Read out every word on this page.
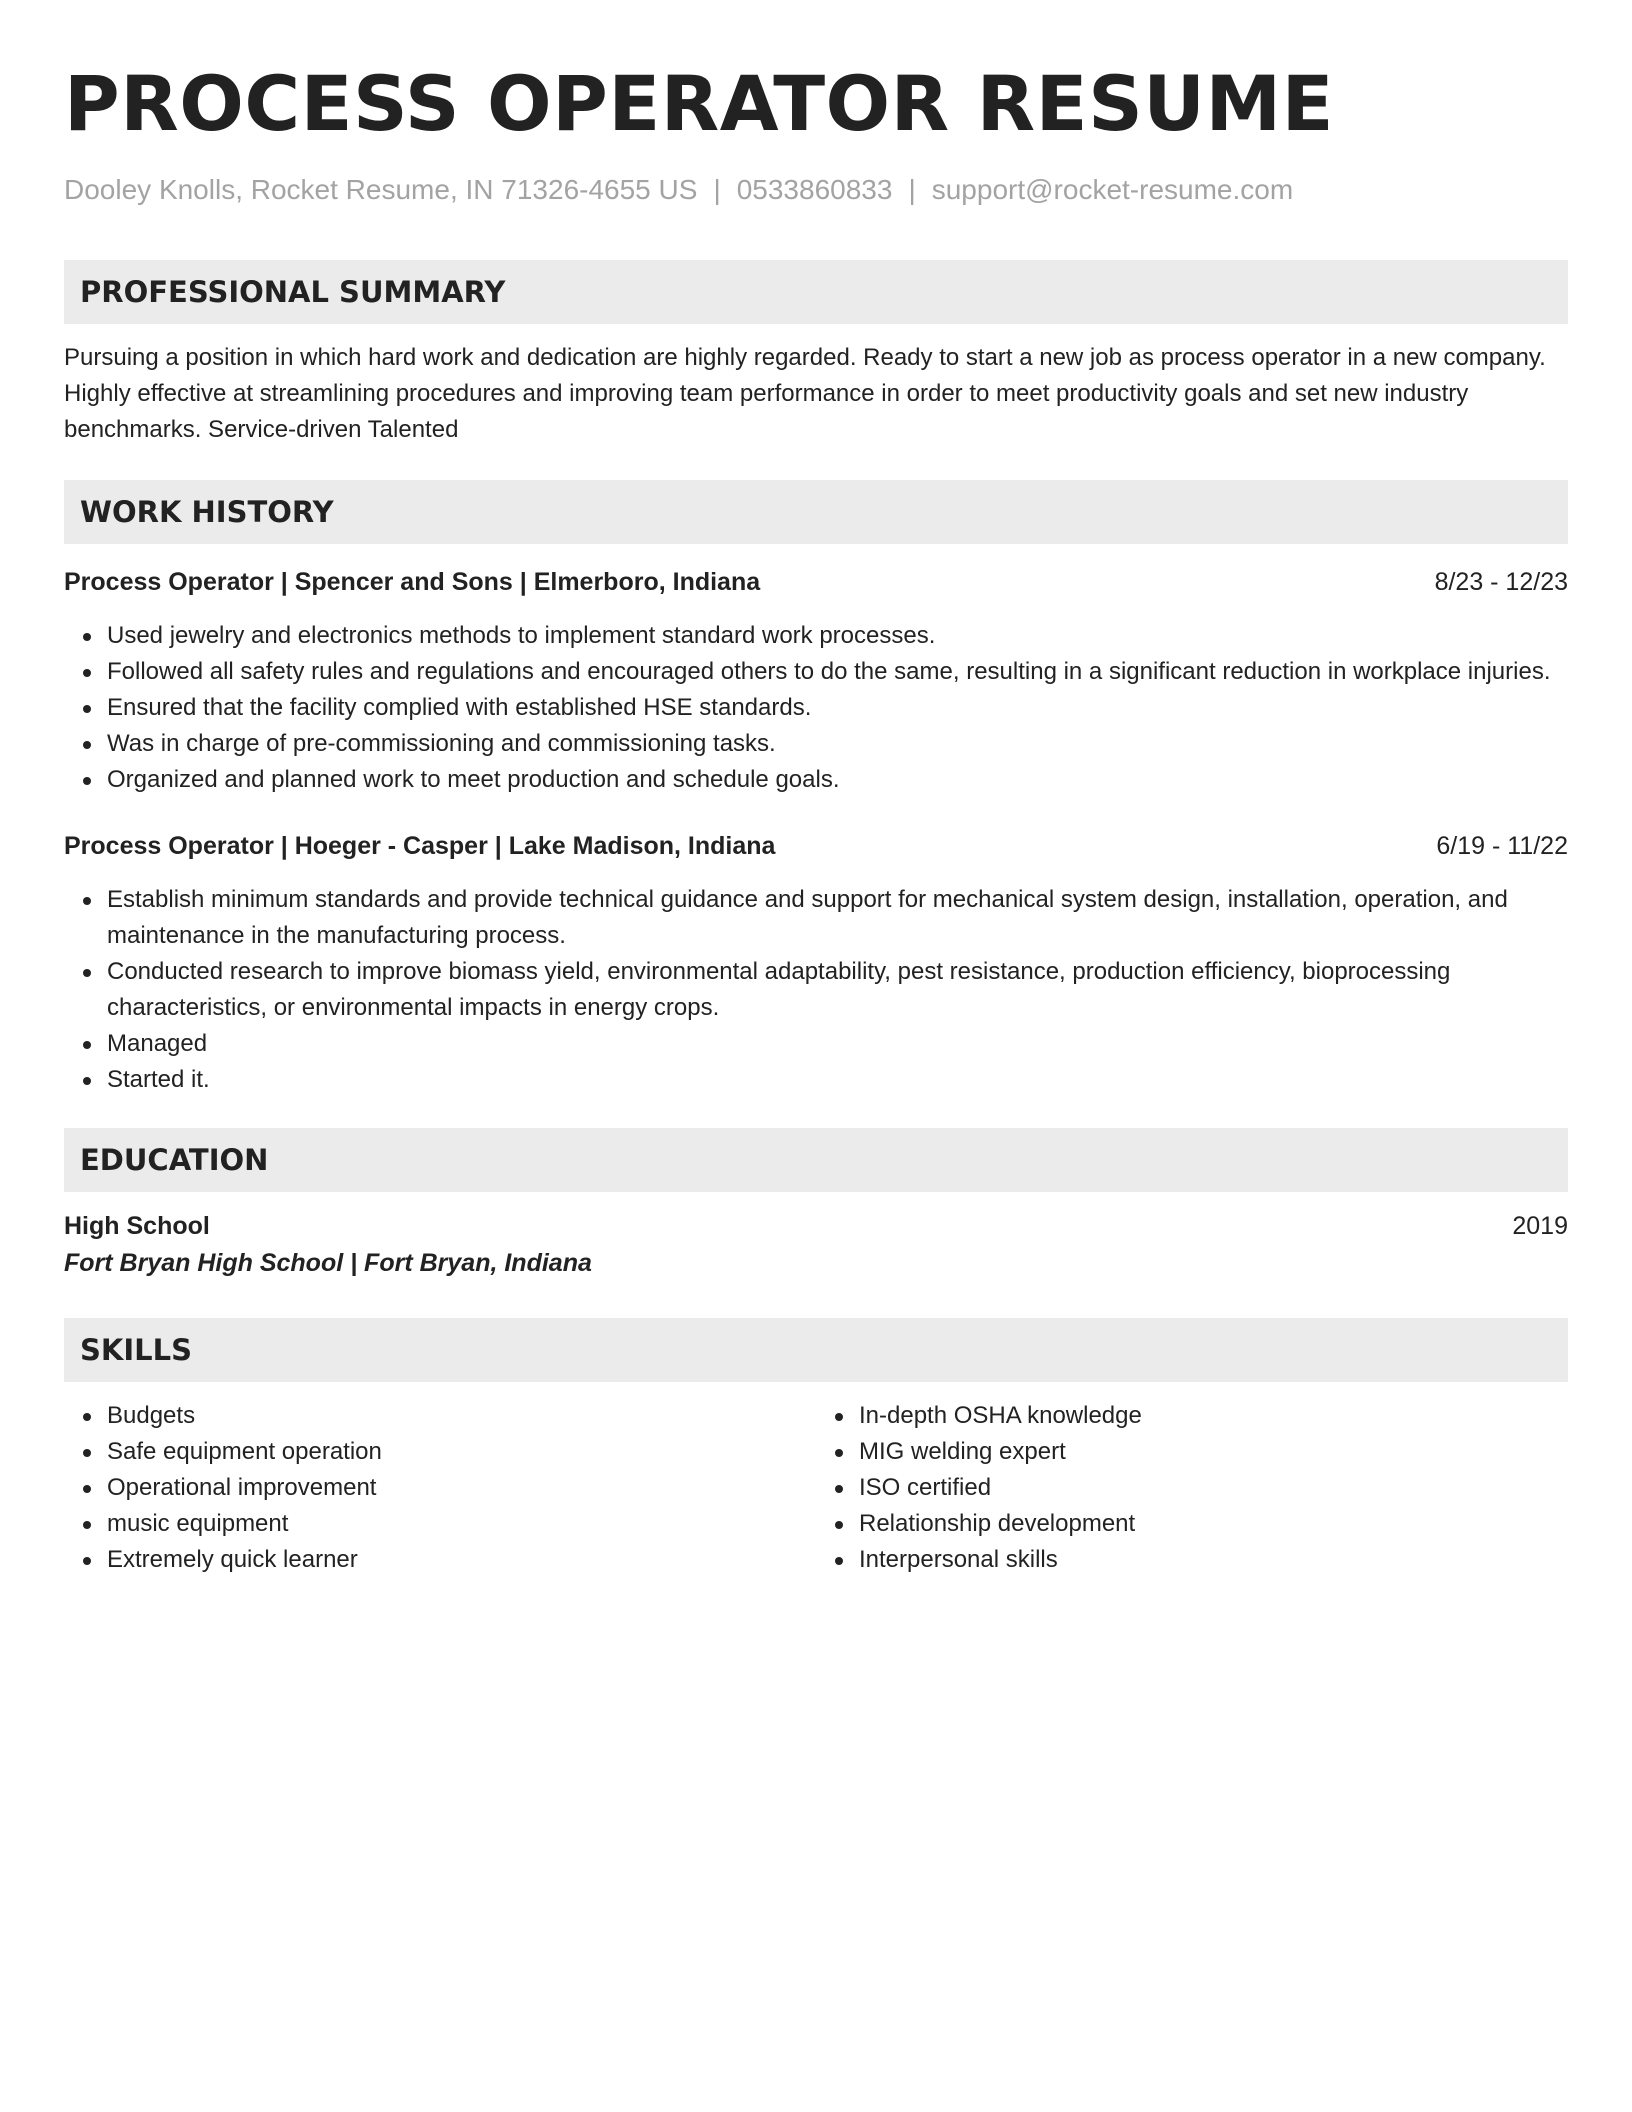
PROCESS OPERATOR RESUME
Dooley Knolls, Rocket Resume, IN 71326-4655 US | 0533860833 | support@rocket-resume.com
PROFESSIONAL SUMMARY
Pursuing a position in which hard work and dedication are highly regarded. Ready to start a new job as process operator in a new company. Highly effective at streamlining procedures and improving team performance in order to meet productivity goals and set new industry benchmarks. Service-driven Talented
WORK HISTORY
Process Operator | Spencer and Sons | Elmerboro, Indiana	8/23 - 12/23
Used jewelry and electronics methods to implement standard work processes.
Followed all safety rules and regulations and encouraged others to do the same, resulting in a significant reduction in workplace injuries.
Ensured that the facility complied with established HSE standards.
Was in charge of pre-commissioning and commissioning tasks.
Organized and planned work to meet production and schedule goals.
Process Operator | Hoeger - Casper | Lake Madison, Indiana	6/19 - 11/22
Establish minimum standards and provide technical guidance and support for mechanical system design, installation, operation, and maintenance in the manufacturing process.
Conducted research to improve biomass yield, environmental adaptability, pest resistance, production efficiency, bioprocessing characteristics, or environmental impacts in energy crops.
Managed
Started it.
EDUCATION
High School	2019
Fort Bryan High School | Fort Bryan, Indiana
SKILLS
Budgets
Safe equipment operation
Operational improvement
music equipment
Extremely quick learner
In-depth OSHA knowledge
MIG welding expert
ISO certified
Relationship development
Interpersonal skills
